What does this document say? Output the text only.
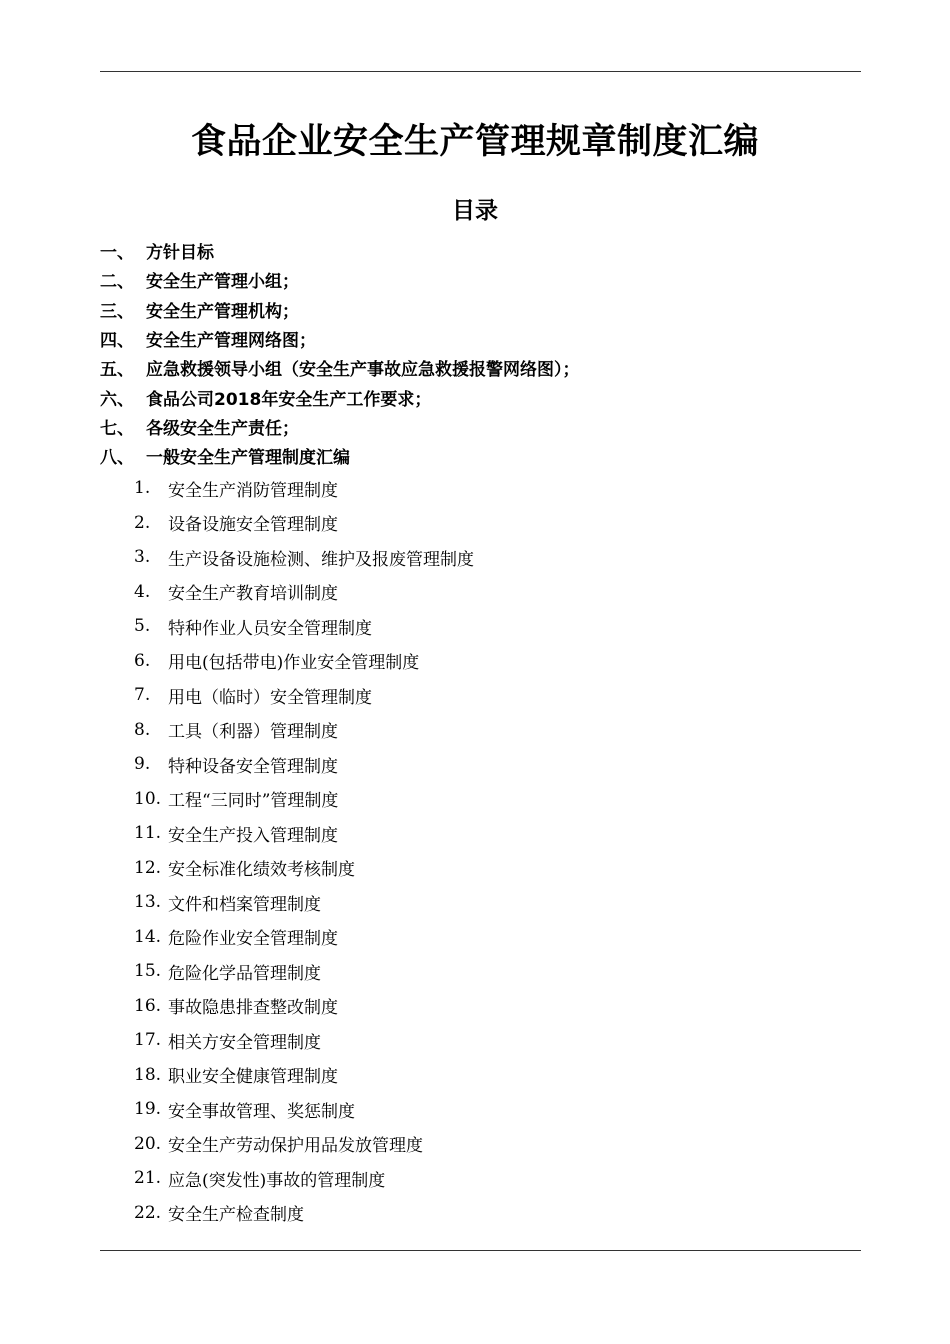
食品企业安全生产管理规章制度汇编
目录
一、 方针目标
二、 安全生产管理小组；
三、 安全生产管理机构；
四、 安全生产管理网络图；
五、 应急救援领导小组（安全生产事故应急救援报警网络图）；
六、 食品公司2018年安全生产工作要求；
七、 各级安全生产责任；
八、 一般安全生产管理制度汇编
1.	安全生产消防管理制度
2.	设备设施安全管理制度
3.	生产设备设施检测、维护及报废管理制度
4.	安全生产教育培训制度
5.	特种作业人员安全管理制度
6.	用电(包括带电)作业安全管理制度
7.	用电（临时）安全管理制度
8.	工具（利器）管理制度
9.	特种设备安全管理制度
10. 工程“三同时”管理制度
11. 安全生产投入管理制度
12. 安全标准化绩效考核制度
13. 文件和档案管理制度
14. 危险作业安全管理制度
15. 危险化学品管理制度
16. 事故隐患排查整改制度
17. 相关方安全管理制度
18. 职业安全健康管理制度
19. 安全事故管理、奖惩制度
20. 安全生产劳动保护用品发放管理度
21. 应急(突发性)事故的管理制度
22. 安全生产检查制度
